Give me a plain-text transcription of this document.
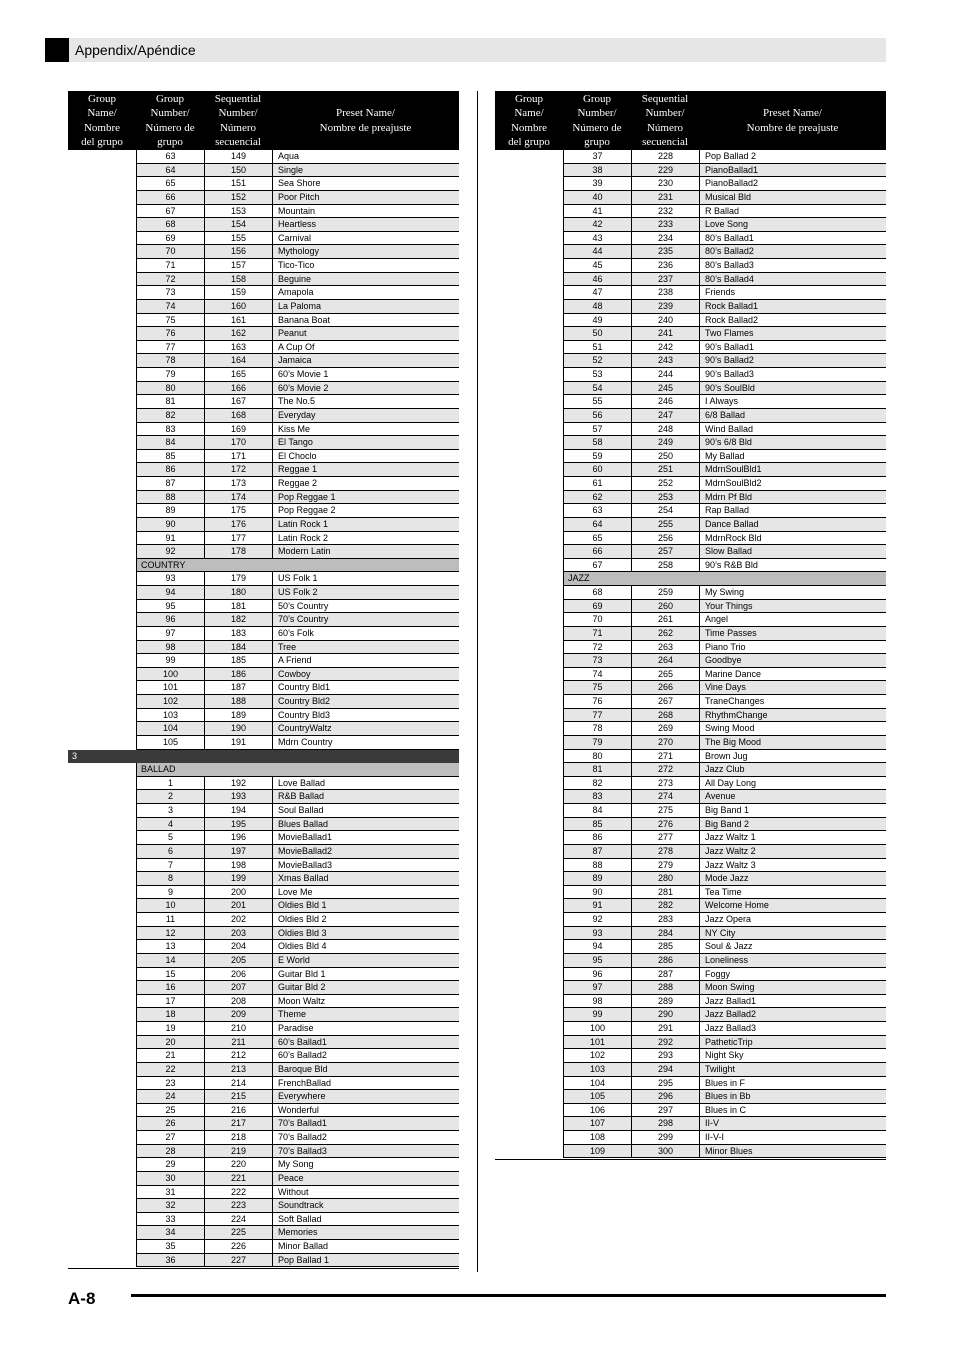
Appendix/Apéndice
Group
Name/
Nombre
del grupo
Group
Number/
Número de
grupo
Sequential
Number/
Número
secuencial
Preset Name/
Nombre de preajuste
63	149	Aqua
64	150	Single
65	151	Sea Shore
66	152	Poor Pitch
67	153	Mountain
68	154	Heartless
69	155	Carnival
70	156	Mythology
71	157	Tico-Tico
72	158	Beguine
73	159	Amapola
74	160	La Paloma
75	161	Banana Boat
76	162	Peanut
77	163	A Cup Of
78	164	Jamaica
79	165	60’s Movie 1
80	166	60’s Movie 2
81	167	The No.5
82	168	Everyday
83	169	Kiss Me
84	170	El Tango
85	171	El Choclo
86	172	Reggae 1
87	173	Reggae 2
88	174	Pop Reggae 1
89	175	Pop Reggae 2
90	176	Latin Rock 1
91	177	Latin Rock 2
92	178	Modern Latin
COUNTRY
93	179	US Folk 1
94	180	US Folk 2
95	181	50’s Country
96	182	70’s Country
97	183	60’s Folk
98	184	Tree
99	185	A Friend
100	186	Cowboy
101	187	Country Bld1
102	188	Country Bld2
103	189	Country Bld3
104	190	CountryWaltz
105	191	Mdrn Country
3
BALLAD
1	192	Love Ballad
2	193	R&B Ballad
3	194	Soul Ballad
4	195	Blues Ballad
5	196	MovieBallad1
6	197	MovieBallad2
7	198	MovieBallad3
8	199	Xmas Ballad
9	200	Love Me
10	201	Oldies Bld 1
11	202	Oldies Bld 2
12	203	Oldies Bld 3
13	204	Oldies Bld 4
14	205	E World
15	206	Guitar Bld 1
16	207	Guitar Bld 2
17	208	Moon Waltz
18	209	Theme
19	210	Paradise
20	211	60’s Ballad1
21	212	60’s Ballad2
22	213	Baroque Bld
23	214	FrenchBallad
24	215	Everywhere
25	216	Wonderful
26	217	70’s Ballad1
27	218	70’s Ballad2
28	219	70’s Ballad3
29	220	My Song
30	221	Peace
31	222	Without
32	223	Soundtrack
33	224	Soft Ballad
34	225	Memories
35	226	Minor Ballad
36	227	Pop Ballad 1
Group
Name/
Nombre
del grupo
Group
Number/
Número de
grupo
Sequential
Number/
Número
secuencial
Preset Name/
Nombre de preajuste
37	228	Pop Ballad 2
38	229	PianoBallad1
39	230	PianoBallad2
40	231	Musical Bld
41	232	R Ballad
42	233	Love Song
43	234	80’s Ballad1
44	235	80’s Ballad2
45	236	80’s Ballad3
46	237	80’s Ballad4
47	238	Friends
48	239	Rock Ballad1
49	240	Rock Ballad2
50	241	Two Flames
51	242	90’s Ballad1
52	243	90’s Ballad2
53	244	90’s Ballad3
54	245	90’s SoulBld
55	246	I Always
56	247	6/8 Ballad
57	248	Wind Ballad
58	249	90’s 6/8 Bld
59	250	My Ballad
60	251	MdrnSoulBld1
61	252	MdrnSoulBld2
62	253	Mdrn Pf Bld
63	254	Rap Ballad
64	255	Dance Ballad
65	256	MdrnRock Bld
66	257	Slow Ballad
67	258	90’s R&B Bld
JAZZ
68	259	My Swing
69	260	Your Things
70	261	Angel
71	262	Time Passes
72	263	Piano Trio
73	264	Goodbye
74	265	Marine Dance
75	266	Vine Days
76	267	TraneChanges
77	268	RhythmChange
78	269	Swing Mood
79	270	The Big Mood
80	271	Brown Jug
81	272	Jazz Club
82	273	All Day Long
83	274	Avenue
84	275	Big Band 1
85	276	Big Band 2
86	277	Jazz Waltz 1
87	278	Jazz Waltz 2
88	279	Jazz Waltz 3
89	280	Mode Jazz
90	281	Tea Time
91	282	Welcome Home
92	283	Jazz Opera
93	284	NY City
94	285	Soul & Jazz
95	286	Loneliness
96	287	Foggy
97	288	Moon Swing
98	289	Jazz Ballad1
99	290	Jazz Ballad2
100	291	Jazz Ballad3
101	292	PatheticTrip
102	293	Night Sky
103	294	Twilight
104	295	Blues in F
105	296	Blues in Bb
106	297	Blues in C
107	298	II-V
108	299	II-V-I
109	300	Minor Blues
A-8
